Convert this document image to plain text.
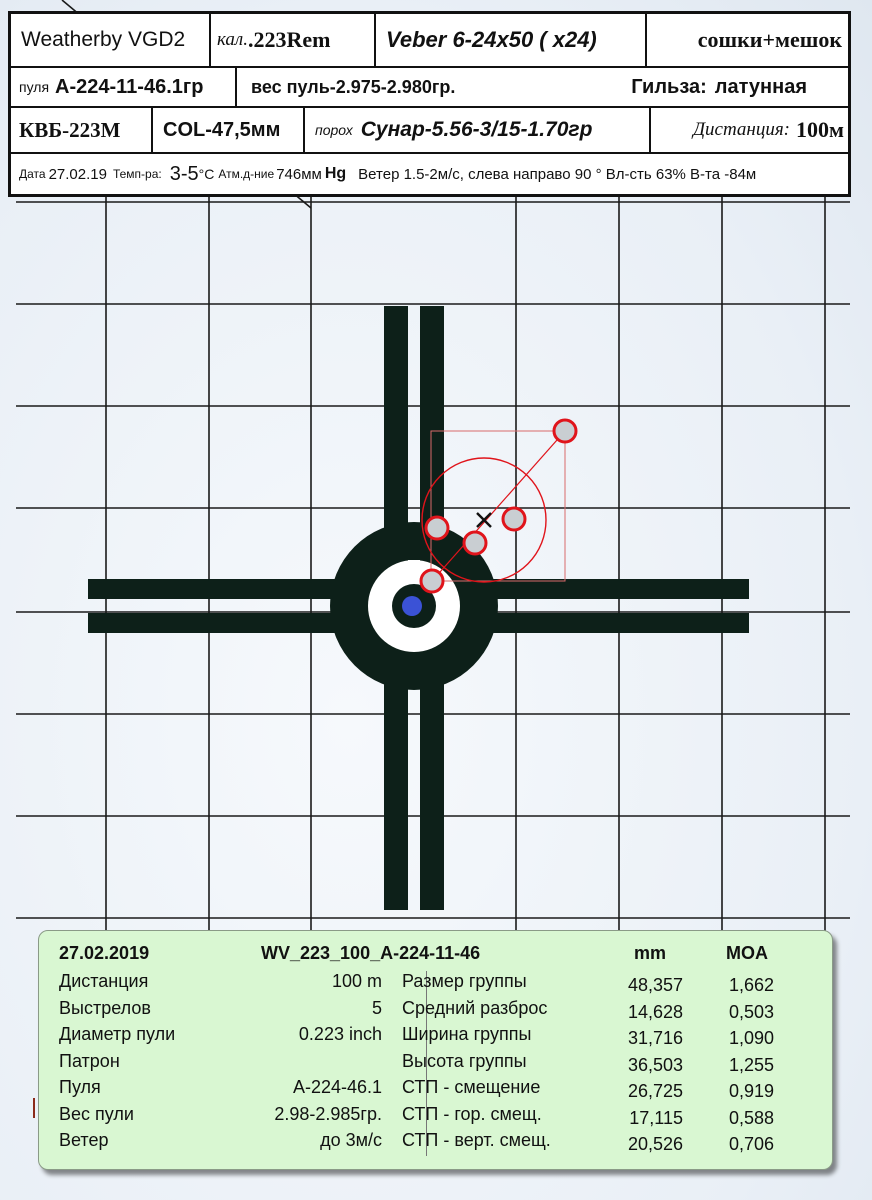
Weatherby VGD2	кал. .223Rem	Veber 6-24x50 ( x24)	сошки+мешок
пуля A-224-11-46.1гр	вес пуль-2.975-2.980гр.	Гильза: латунная
КВБ-223М	COL-47,5мм	порох Сунар-5.56-3/15-1.70гр	Дистанция: 100м
Дата 27.02.19 Темп-ра: 3-5 °C Атм.д-ние 746мм Hg Ветер 1.5-2м/с, слева направо 90 ° Вл-сть 63% В-та -84м
27.02.2019	WV_223_100_A-224-11-46	mm	MOA
Дистанция	100 m
Выстрелов	5
Диаметр пули	0.223 inch
Патрон
Пуля	A-224-46.1
Вес пули	2.98-2.985гр.
Ветер	до 3м/с
Размер группы	48,357	1,662
Средний разброс	14,628	0,503
Ширина группы	31,716	1,090
Высота группы	36,503	1,255
СТП - смещение	26,725	0,919
СТП - гор. смещ.	17,115	0,588
СТП - верт. смещ.	20,526	0,706
